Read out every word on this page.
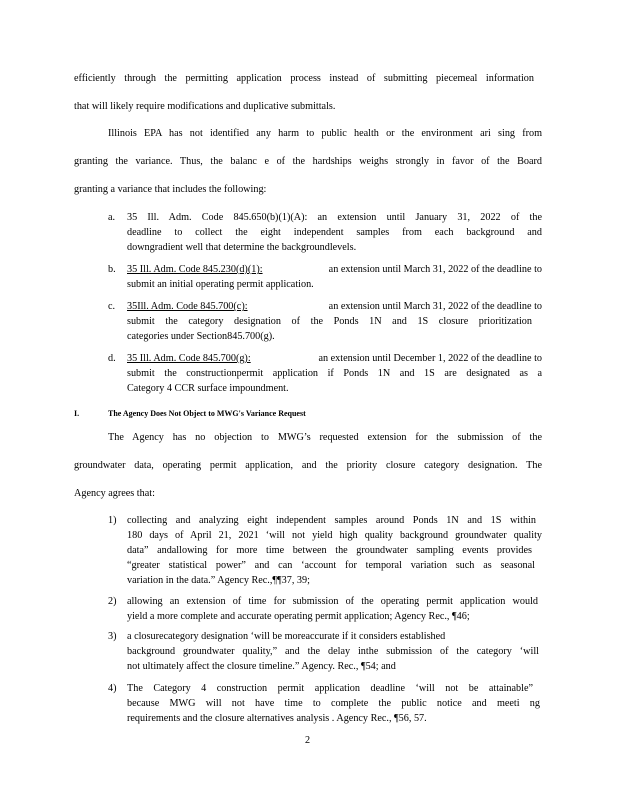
efficiently through the permitting application process instead of submitting piecemeal information
that will likely require modifications and duplicative submittals.
Illinois EPA has not identified any harm to public health or the environment ari sing from
granting the variance. Thus, the balanc e of the hardships weighs strongly in favor of the Board
granting a variance that includes the following:
a. 35 Ill. Adm. Code 845.650(b)(1)(A): an extension until January 31, 2022 of the
deadline to collect the eight independent samples from each background and
downgradient well that determine the backgroundlevels.
b. 35 Ill. Adm. Code 845.230(d)(1):	an extension until March 31, 2022 of the deadline to
submit an initial operating permit application.
c. 35Ill. Adm. Code 845.700(c):	an extension until March 31, 2022 of the deadline to
submit the category designation of the Ponds 1N and 1S closure prioritization
categories under Section845.700(g).
d. 35 Ill. Adm. Code 845.700(g):	an extension until December 1, 2022 of the deadline to
submit the constructionpermit application if Ponds 1N and 1S are designated as a
Category 4 CCR surface impoundment.
I.	The Agency Does Not Object to MWG's Variance Request
The Agency has no objection to MWG’s requested extension for the submission of the
groundwater data, operating permit application, and the priority closure category designation. The
Agency agrees that:
1) collecting and analyzing eight independent samples around Ponds 1N and 1S within
180 days of April 21, 2021 ‘will not yield high quality background groundwater quality
data” andallowing for more time between the groundwater sampling events provides
“greater statistical power” and can ‘account for temporal variation such as seasonal
variation in the data.” Agency Rec.,¶¶37, 39;
2) allowing an extension of time for submission of the operating permit application would
yield a more complete and accurate operating permit application; Agency Rec., ¶46;
3) a closurecategory designation ‘will be moreaccurate if it considers established
background groundwater quality,” and the delay inthe submission of the category ‘will
not ultimately affect the closure timeline.” Agency. Rec., ¶54; and
4) The Category 4 construction permit application deadline ‘will not be attainable”
because MWG will not have time to complete the public notice and meeti ng
requirements and the closure alternatives analysis . Agency Rec., ¶56, 57.
2
